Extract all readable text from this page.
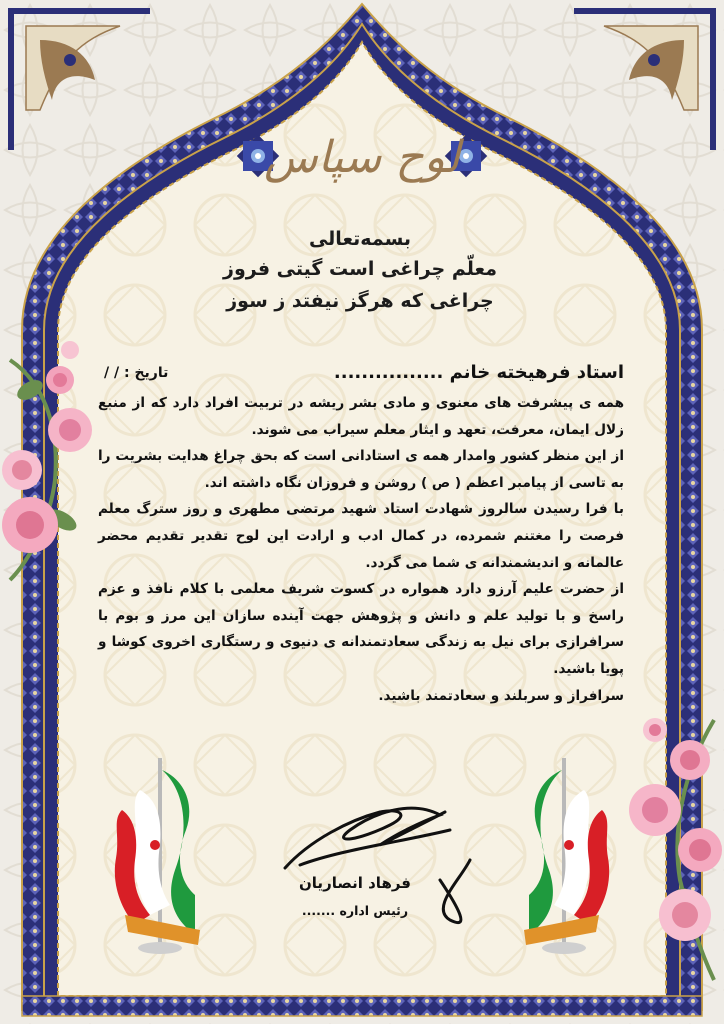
لوح سپاس
بسمه‌تعالی
معلّم چراغی است گیتی فروز
چراغی که هرگز نیفتد ز سوز
استاد فرهیخته خانم ................
تاریخ : / /

همه ی پیشرفت های معنوی و مادی بشر ریشه در تربیت افراد دارد که از منبع زلال ایمان، معرفت، تعهد و ایثار معلم سیراب می شوند.

از این منظر کشور وامدار همه ی استادانی است که بحق چراغ هدایت بشریت را به تاسی از پیامبر اعظم ( ص ) روشن و فروزان نگاه داشته اند.

با فرا رسیدن سالروز شهادت استاد شهید مرتضی مطهری و روز سترگ معلم فرصت را مغتنم شمرده، در کمال ادب و ارادت این لوح تقدیر تقدیم محضر عالمانه و اندیشمندانه ی شما می گردد.

از حضرت علیم آرزو دارد همواره در کسوت شریف معلمی با کلام نافذ و عزم راسخ و با تولید علم و دانش و پژوهش جهت آینده سازان این مرز و بوم با سرافرازی برای نیل به زندگی سعادتمندانه ی دنیوی و رستگاری اخروی کوشا و پویا باشید.

سرافراز و سربلند و سعادتمند باشید.

فرهاد انصاریان
رئیس اداره .......
